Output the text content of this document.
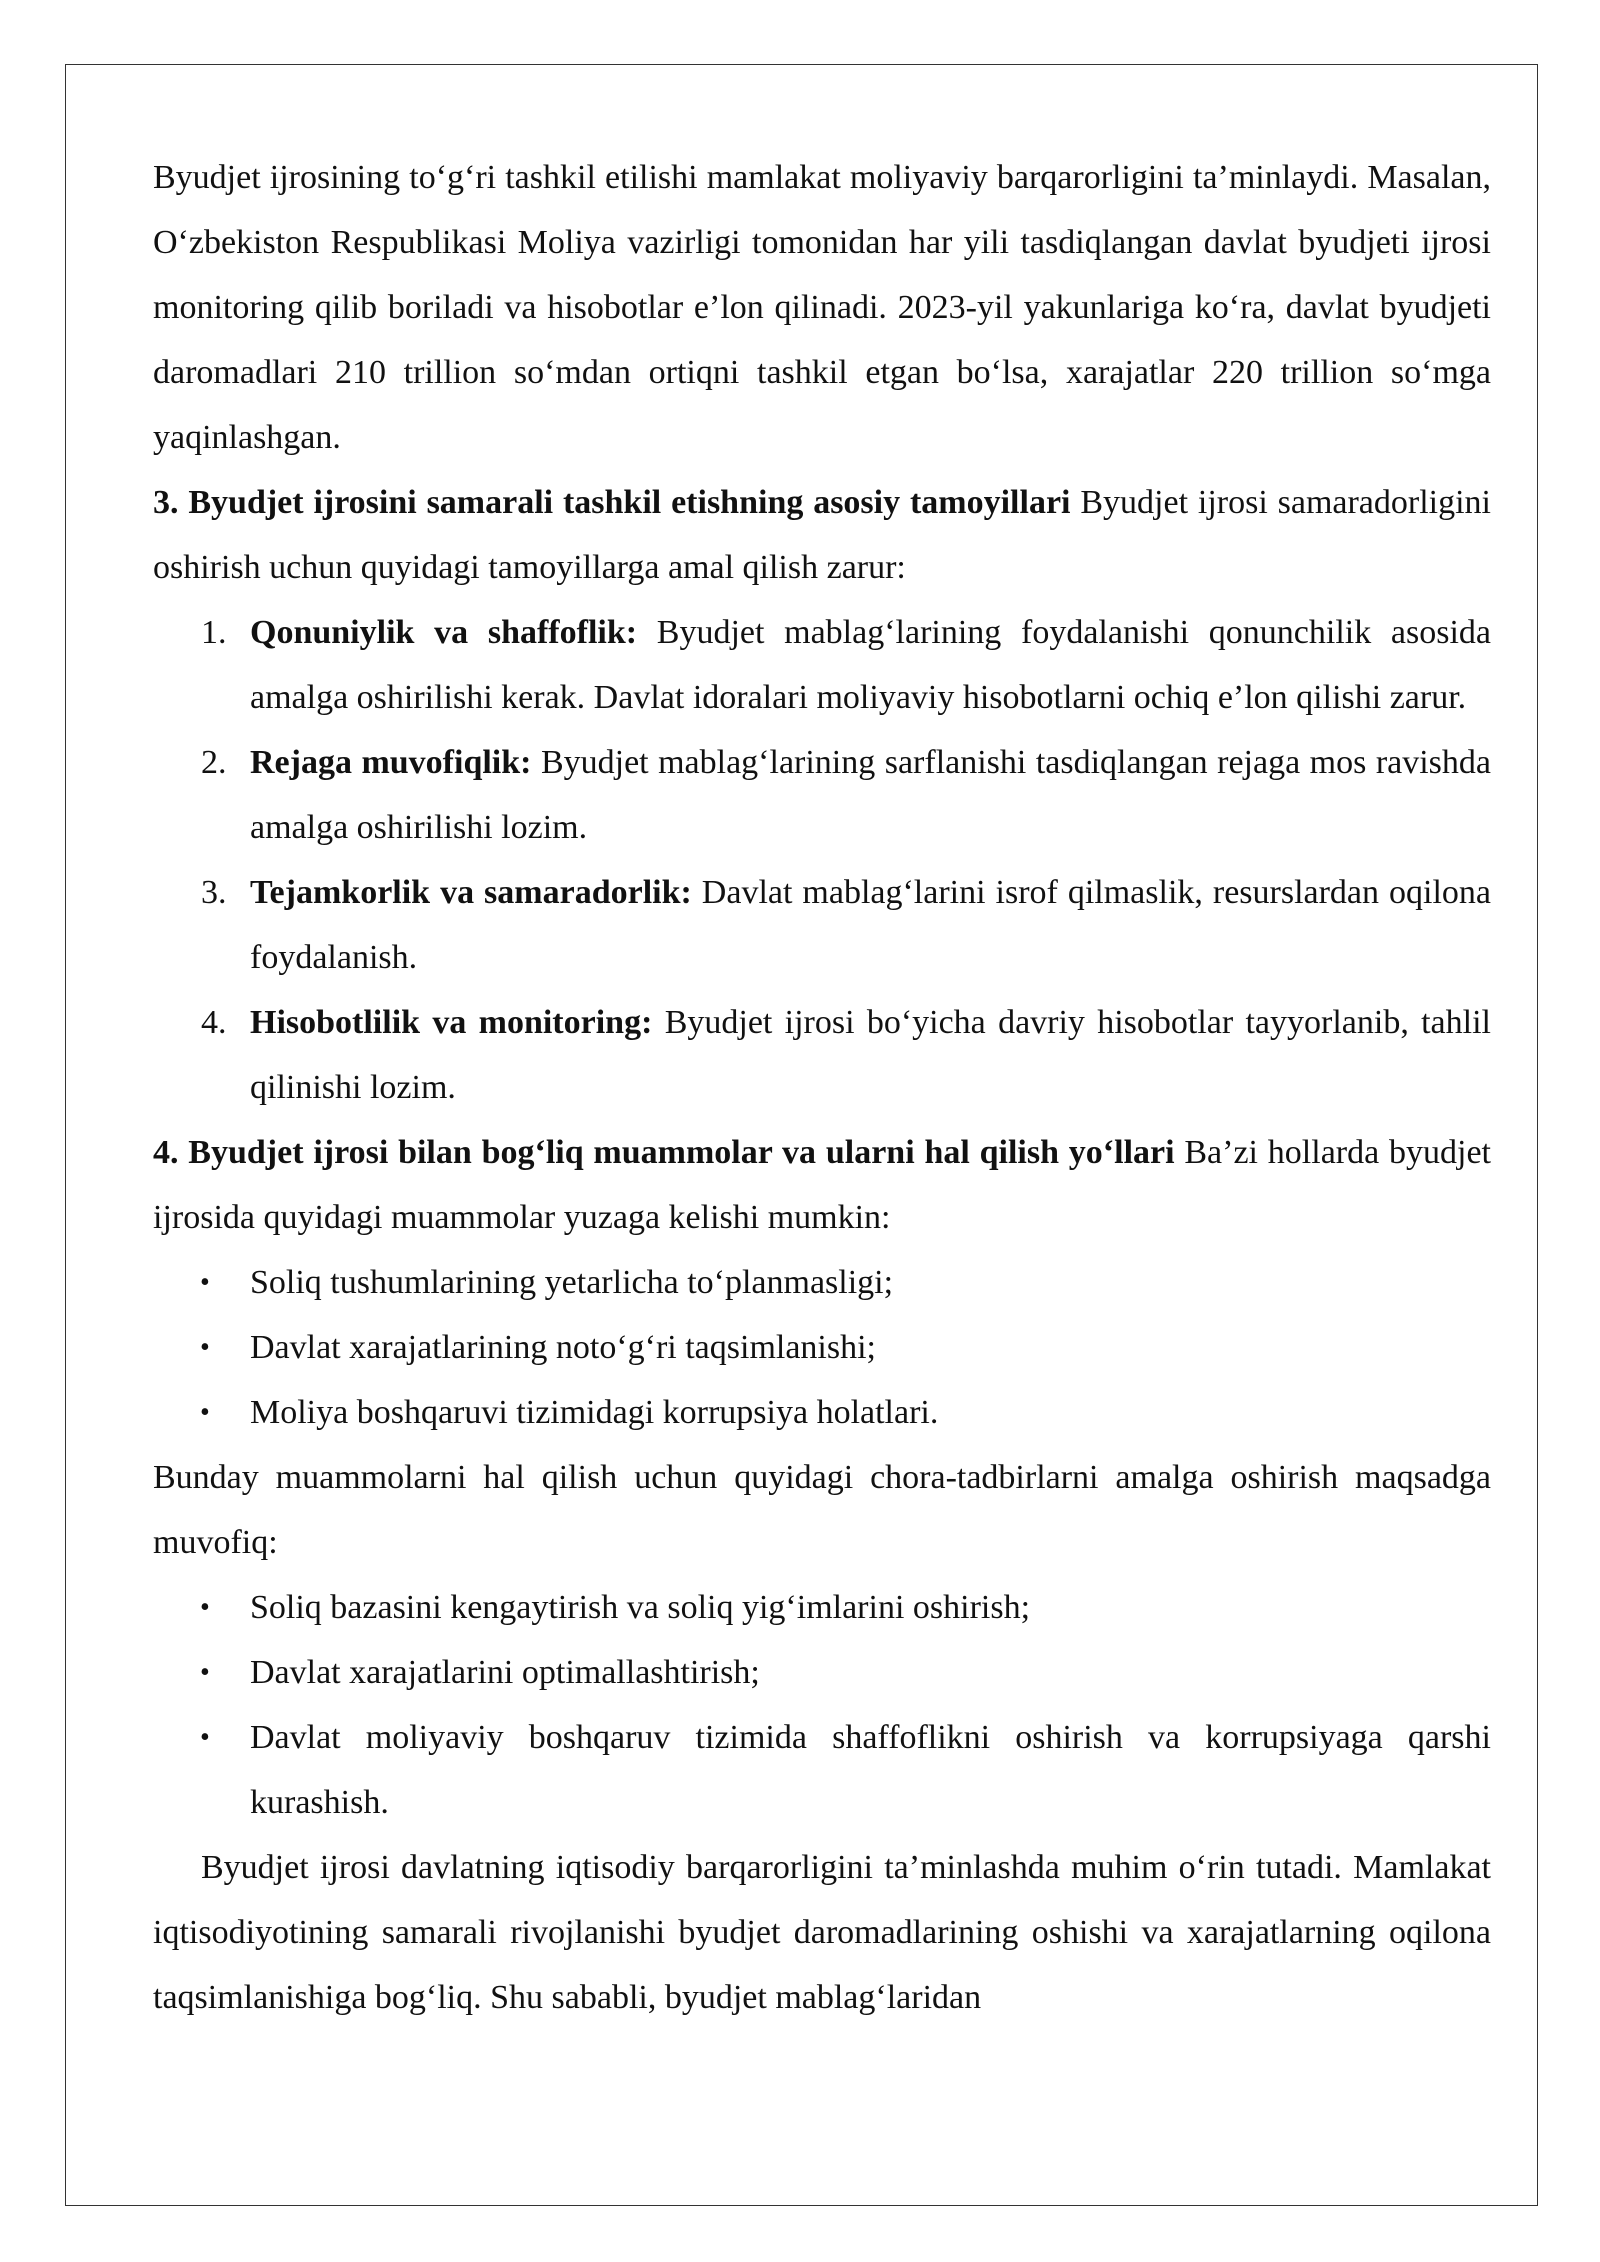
Byudjet ijrosining to‘g‘ri tashkil etilishi mamlakat moliyaviy barqarorligini ta’minlaydi. Masalan, O‘zbekiston Respublikasi Moliya vazirligi tomonidan har yili tasdiqlangan davlat byudjeti ijrosi monitoring qilib boriladi va hisobotlar e’lon qilinadi. 2023-yil yakunlariga ko‘ra, davlat byudjeti daromadlari 210 trillion so‘mdan ortiqni tashkil etgan bo‘lsa, xarajatlar 220 trillion so‘mga yaqinlashgan.

3. Byudjet ijrosini samarali tashkil etishning asosiy tamoyillari Byudjet ijrosi samaradorligini oshirish uchun quyidagi tamoyillarga amal qilish zarur:

1. Qonuniylik va shaffoflik: Byudjet mablag‘larining foydalanishi qonunchilik asosida amalga oshirilishi kerak. Davlat idoralari moliyaviy hisobotlarni ochiq e’lon qilishi zarur.
2. Rejaga muvofiqlik: Byudjet mablag‘larining sarflanishi tasdiqlangan rejaga mos ravishda amalga oshirilishi lozim.
3. Tejamkorlik va samaradorlik: Davlat mablag‘larini isrof qilmaslik, resurslardan oqilona foydalanish.
4. Hisobotlilik va monitoring: Byudjet ijrosi bo‘yicha davriy hisobotlar tayyorlanib, tahlil qilinishi lozim.

4. Byudjet ijrosi bilan bog‘liq muammolar va ularni hal qilish yo‘llari Ba’zi hollarda byudjet ijrosida quyidagi muammolar yuzaga kelishi mumkin:

• Soliq tushumlarining yetarlicha to‘planmasligi;
• Davlat xarajatlarining noto‘g‘ri taqsimlanishi;
• Moliya boshqaruvi tizimidagi korrupsiya holatlari.

Bunday muammolarni hal qilish uchun quyidagi chora-tadbirlarni amalga oshirish maqsadga muvofiq:

• Soliq bazasini kengaytirish va soliq yig‘imlarini oshirish;
• Davlat xarajatlarini optimallashtirish;
• Davlat moliyaviy boshqaruv tizimida shaffoflikni oshirish va korrupsiyaga qarshi kurashish.

Byudjet ijrosi davlatning iqtisodiy barqarorligini ta’minlashda muhim o‘rin tutadi. Mamlakat iqtisodiyotining samarali rivojlanishi byudjet daromadlarining oshishi va xarajatlarning oqilona taqsimlanishiga bog‘liq. Shu sababli, byudjet mablag‘laridan
